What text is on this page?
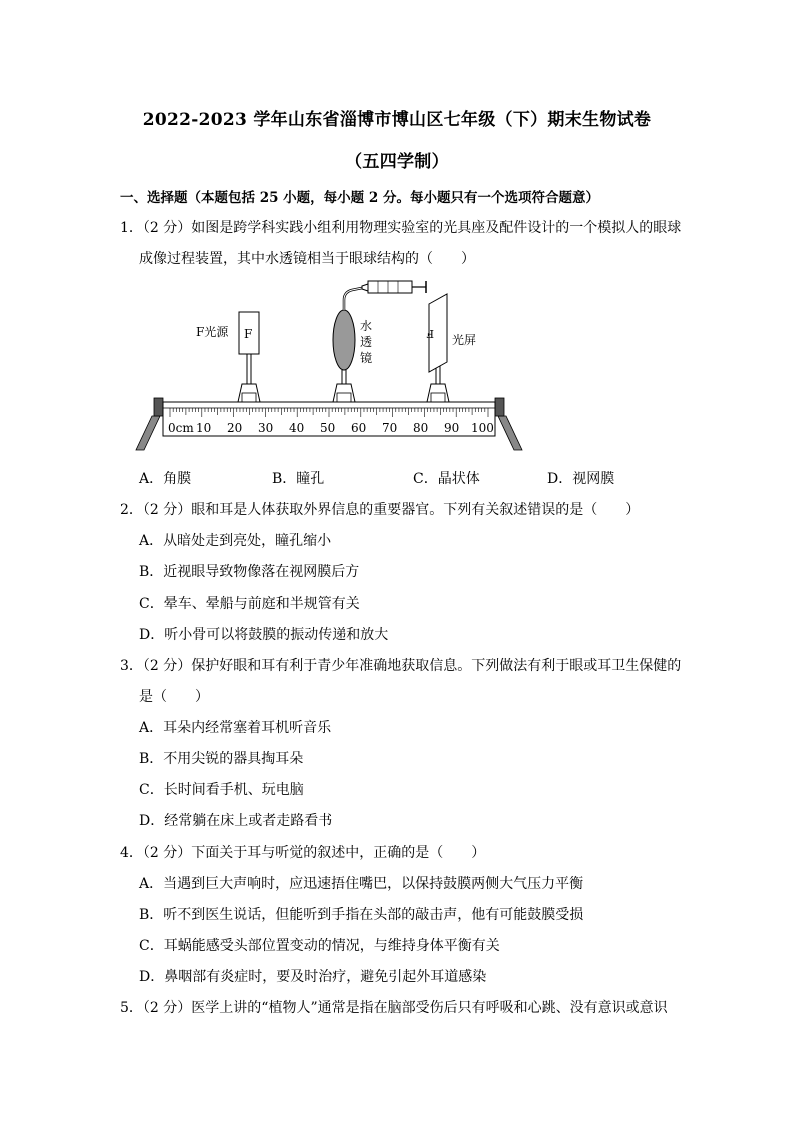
2022-2023 学年山东省淄博市博山区七年级（下）期末生物试卷
（五四学制）
一、选择题（本题包括 25 小题，每小题 2 分。每小题只有一个选项符合题意）
1．（2 分）如图是跨学科实践小组利用物理实验室的光具座及配件设计的一个模拟人的眼球
成像过程装置，其中水透镜相当于眼球结构的（　　）
F
F光源	水
透
镜
F 光屏
0cm 10 20 30 40 50 60 70 80 90 100
A．角膜	B．瞳孔	C．晶状体	D．视网膜
2．（2 分）眼和耳是人体获取外界信息的重要器官。下列有关叙述错误的是（　　）
A．从暗处走到亮处，瞳孔缩小
B．近视眼导致物像落在视网膜后方
C．晕车、晕船与前庭和半规管有关
D．听小骨可以将鼓膜的振动传递和放大
3．（2 分）保护好眼和耳有利于青少年准确地获取信息。下列做法有利于眼或耳卫生保健的
是（　　）
A．耳朵内经常塞着耳机听音乐
B．不用尖锐的器具掏耳朵
C．长时间看手机、玩电脑
D．经常躺在床上或者走路看书
4．（2 分）下面关于耳与听觉的叙述中，正确的是（　　）
A．当遇到巨大声响时，应迅速捂住嘴巴，以保持鼓膜两侧大气压力平衡
B．听不到医生说话，但能听到手指在头部的敲击声，他有可能鼓膜受损
C．耳蜗能感受头部位置变动的情况，与维持身体平衡有关
D．鼻咽部有炎症时，要及时治疗，避免引起外耳道感染
5．（2 分）医学上讲的“植物人”通常是指在脑部受伤后只有呼吸和心跳、没有意识或意识
